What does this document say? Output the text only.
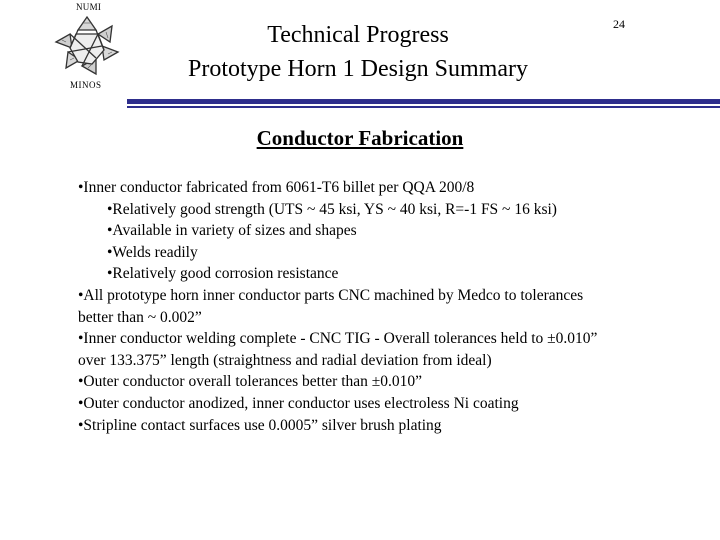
NUMI
MINOS
Technical Progress
Prototype Horn 1 Design Summary
24
Conductor Fabrication
•Inner conductor fabricated from 6061-T6 billet per QQA 200/8
•Relatively good strength (UTS ~ 45 ksi, YS ~ 40 ksi, R=-1 FS ~ 16 ksi)
•Available in variety of sizes and shapes
•Welds readily
•Relatively good corrosion resistance
•All prototype horn inner conductor parts CNC machined by Medco to tolerances
better than ~ 0.002”
•Inner conductor welding complete - CNC TIG - Overall tolerances held to ±0.010”
over 133.375” length (straightness and radial deviation from ideal)
•Outer conductor overall tolerances better than ±0.010”
•Outer conductor anodized, inner conductor uses electroless Ni coating
•Stripline contact surfaces use 0.0005” silver brush plating
